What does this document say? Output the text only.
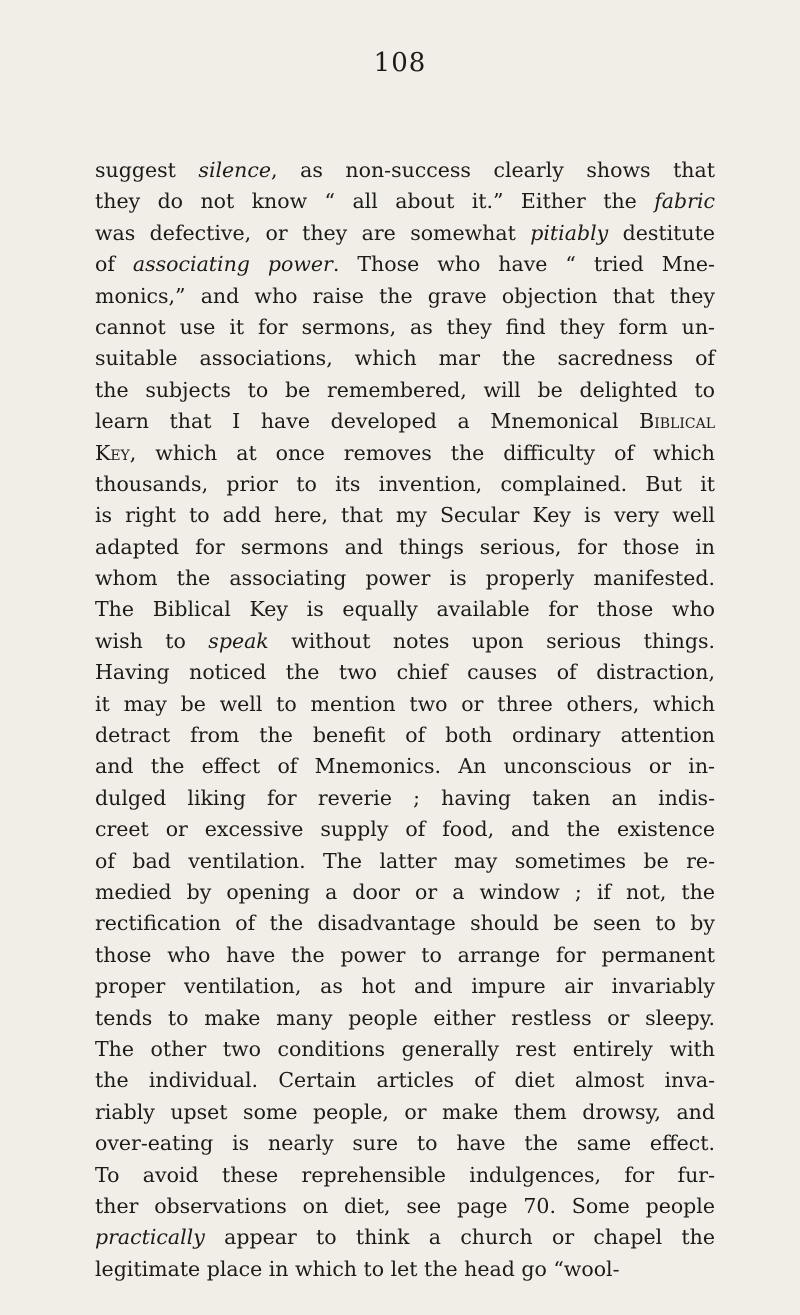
108
suggest silence, as non-success clearly shows that
they do not know “ all about it.” Either the fabric
was defective, or they are somewhat pitiably destitute
of associating power. Those who have “ tried Mne-
monics,” and who raise the grave objection that they
cannot use it for sermons, as they find they form un-
suitable associations, which mar the sacredness of
the subjects to be remembered, will be delighted to
learn that I have developed a Mnemonical Biblical
Key, which at once removes the difficulty of which
thousands, prior to its invention, complained. But it
is right to add here, that my Secular Key is very well
adapted for sermons and things serious, for those in
whom the associating power is properly manifested.
The Biblical Key is equally available for those who
wish to speak without notes upon serious things.
Having noticed the two chief causes of distraction,
it may be well to mention two or three others, which
detract from the benefit of both ordinary attention
and the effect of Mnemonics. An unconscious or in-
dulged liking for reverie ; having taken an indis-
creet or excessive supply of food, and the existence
of bad ventilation. The latter may sometimes be re-
medied by opening a door or a window ; if not, the
rectification of the disadvantage should be seen to by
those who have the power to arrange for permanent
proper ventilation, as hot and impure air invariably
tends to make many people either restless or sleepy.
The other two conditions generally rest entirely with
the individual. Certain articles of diet almost inva-
riably upset some people, or make them drowsy, and
over-eating is nearly sure to have the same effect.
To avoid these reprehensible indulgences, for fur-
ther observations on diet, see page 70. Some people
practically appear to think a church or chapel the
legitimate place in which to let the head go “wool-
